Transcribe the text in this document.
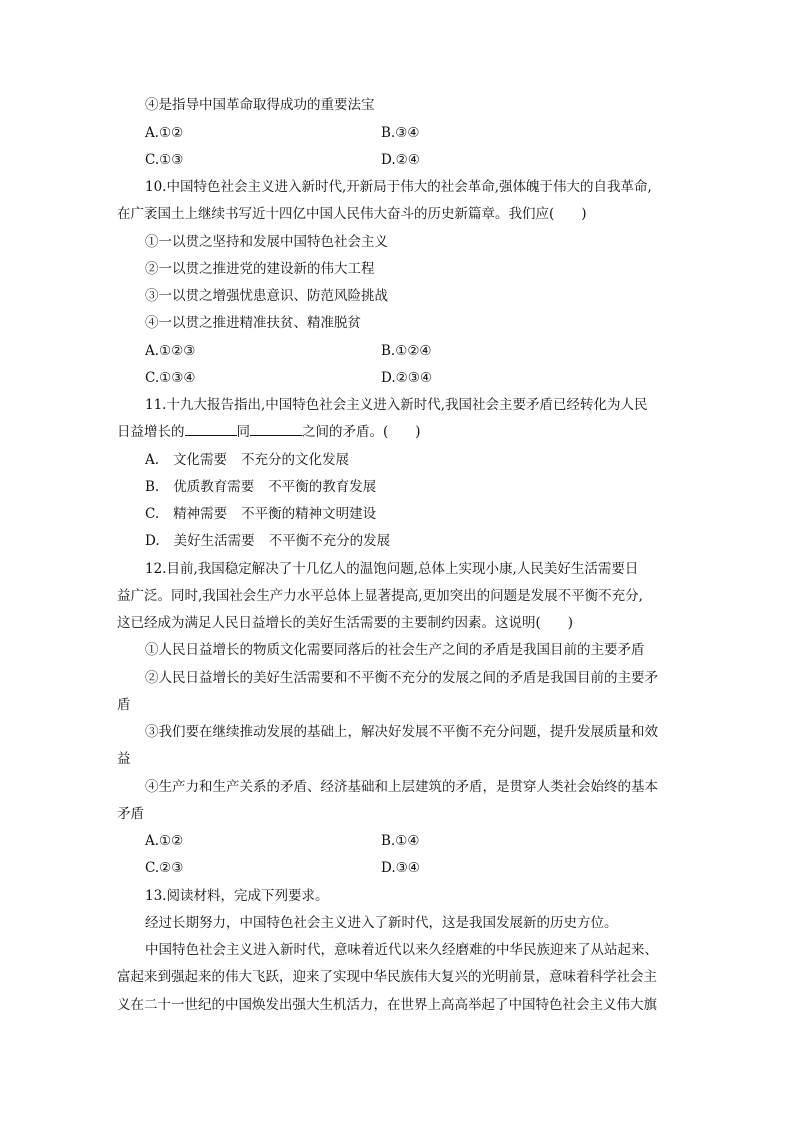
④是指导中国革命取得成功的重要法宝
A.①②	B.③④
C.①③	D.②④
10.中国特色社会主义进入新时代,开新局于伟大的社会革命,强体魄于伟大的自我革命,
在广袤国土上继续书写近十四亿中国人民伟大奋斗的历史新篇章。我们应(　　)
①一以贯之坚持和发展中国特色社会主义
②一以贯之推进党的建设新的伟大工程
③一以贯之增强忧患意识、防范风险挑战
④一以贯之推进精准扶贫、精准脱贫
A.①②③	B.①②④
C.①③④	D.②③④
11.十九大报告指出,中国特色社会主义进入新时代,我国社会主要矛盾已经转化为人民
日益增长的	同	之间的矛盾。(　　)
A. 文化需要 不充分的文化发展
B. 优质教育需要 不平衡的教育发展
C. 精神需要 不平衡的精神文明建设
D. 美好生活需要 不平衡不充分的发展
12.目前,我国稳定解决了十几亿人的温饱问题,总体上实现小康,人民美好生活需要日
益广泛。同时,我国社会生产力水平总体上显著提高,更加突出的问题是发展不平衡不充分,
这已经成为满足人民日益增长的美好生活需要的主要制约因素。这说明(　　)
①人民日益增长的物质文化需要同落后的社会生产之间的矛盾是我国目前的主要矛盾
②人民日益增长的美好生活需要和不平衡不充分的发展之间的矛盾是我国目前的主要矛
盾
③我们要在继续推动发展的基础上，解决好发展不平衡不充分问题，提升发展质量和效
益
④生产力和生产关系的矛盾、经济基础和上层建筑的矛盾，是贯穿人类社会始终的基本
矛盾
A.①②	B.①④
C.②③	D.③④
13.阅读材料，完成下列要求。
经过长期努力，中国特色社会主义进入了新时代，这是我国发展新的历史方位。
中国特色社会主义进入新时代，意味着近代以来久经磨难的中华民族迎来了从站起来、
富起来到强起来的伟大飞跃，迎来了实现中华民族伟大复兴的光明前景，意味着科学社会主
义在二十一世纪的中国焕发出强大生机活力，在世界上高高举起了中国特色社会主义伟大旗
